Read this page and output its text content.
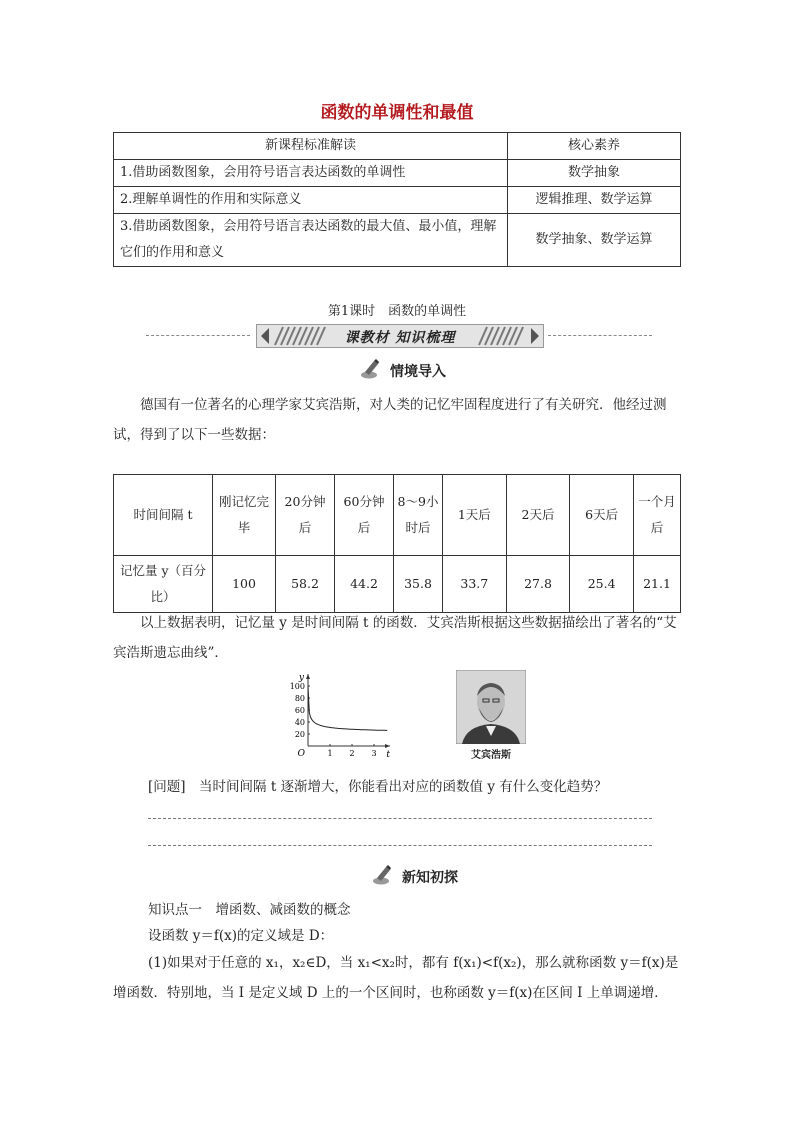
函数的单调性和最值
新课程标准解读	核心素养
1.借助函数图象，会用符号语言表达函数的单调性	数学抽象
2.理解单调性的作用和实际意义	逻辑推理、数学运算
3.借助函数图象，会用符号语言表达函数的最大值、最小值，理解它们的作用和意义	数学抽象、数学运算
第1课时　函数的单调性
课教材 知识梳理
情境导入
德国有一位著名的心理学家艾宾浩斯，对人类的记忆牢固程度进行了有关研究．他经过测试，得到了以下一些数据：
时间间隔 t	刚记忆完毕	20分钟后	60分钟后	8～9小时后	1天后	2天后	6天后	一个月后
记忆量 y（百分比）	100	58.2	44.2	35.8	33.7	27.8	25.4	21.1
以上数据表明，记忆量 y 是时间间隔 t 的函数．艾宾浩斯根据这些数据描绘出了著名的“艾宾浩斯遗忘曲线”．
t
y
O	1 2 3
20
40
60
80
100
艾宾浩斯
[问题]　当时间间隔 t 逐渐增大，你能看出对应的函数值 y 有什么变化趋势？
新知初探
知识点一　增函数、减函数的概念
设函数 y＝f(x)的定义域是 D：
(1)如果对于任意的 x₁，x₂∈D，当 x₁<x₂时，都有 f(x₁)<f(x₂)，那么就称函数 y＝f(x)是增函数．特别地，当 I 是定义域 D 上的一个区间时，也称函数 y＝f(x)在区间 I 上单调递增．
